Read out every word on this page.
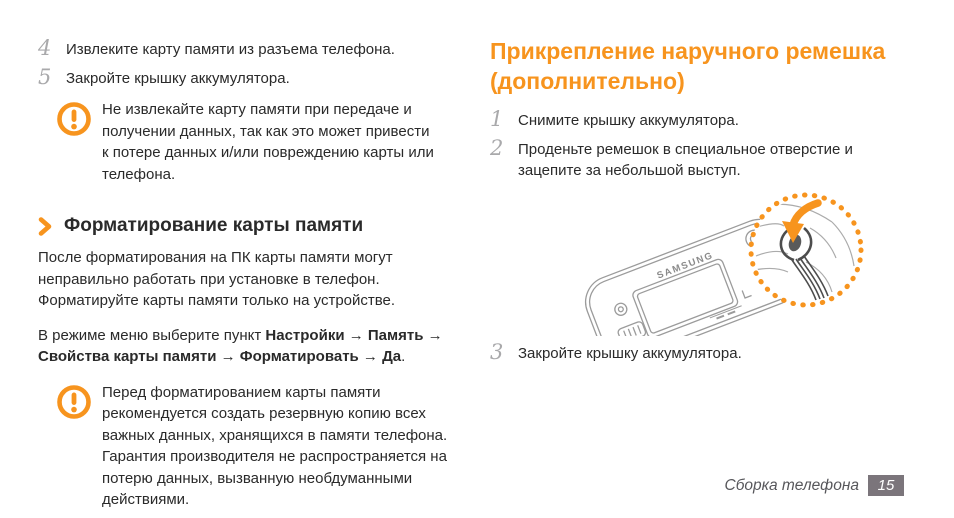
4 Извлеките карту памяти из разъема телефона.
5 Закройте крышку аккумулятора.

Не извлекайте карту памяти при передаче и получении данных, так как это может привести к потере данных и/или повреждению карты или телефона.

Форматирование карты памяти

После форматирования на ПК карты памяти могут неправильно работать при установке в телефон. Форматируйте карты памяти только на устройстве.

В режиме меню выберите пункт Настройки → Память → Свойства карты памяти → Форматировать → Да.

Перед форматированием карты памяти рекомендуется создать резервную копию всех важных данных, хранящихся в памяти телефона. Гарантия производителя не распространяется на потерю данных, вызванную необдуманными действиями.

Прикрепление наручного ремешка (дополнительно)
1 Снимите крышку аккумулятора.
2 Проденьте ремешок в специальное отверстие и зацепите за небольшой выступ.
SAMSUNG
3 Закройте крышку аккумулятора.
Сборка телефона	15
